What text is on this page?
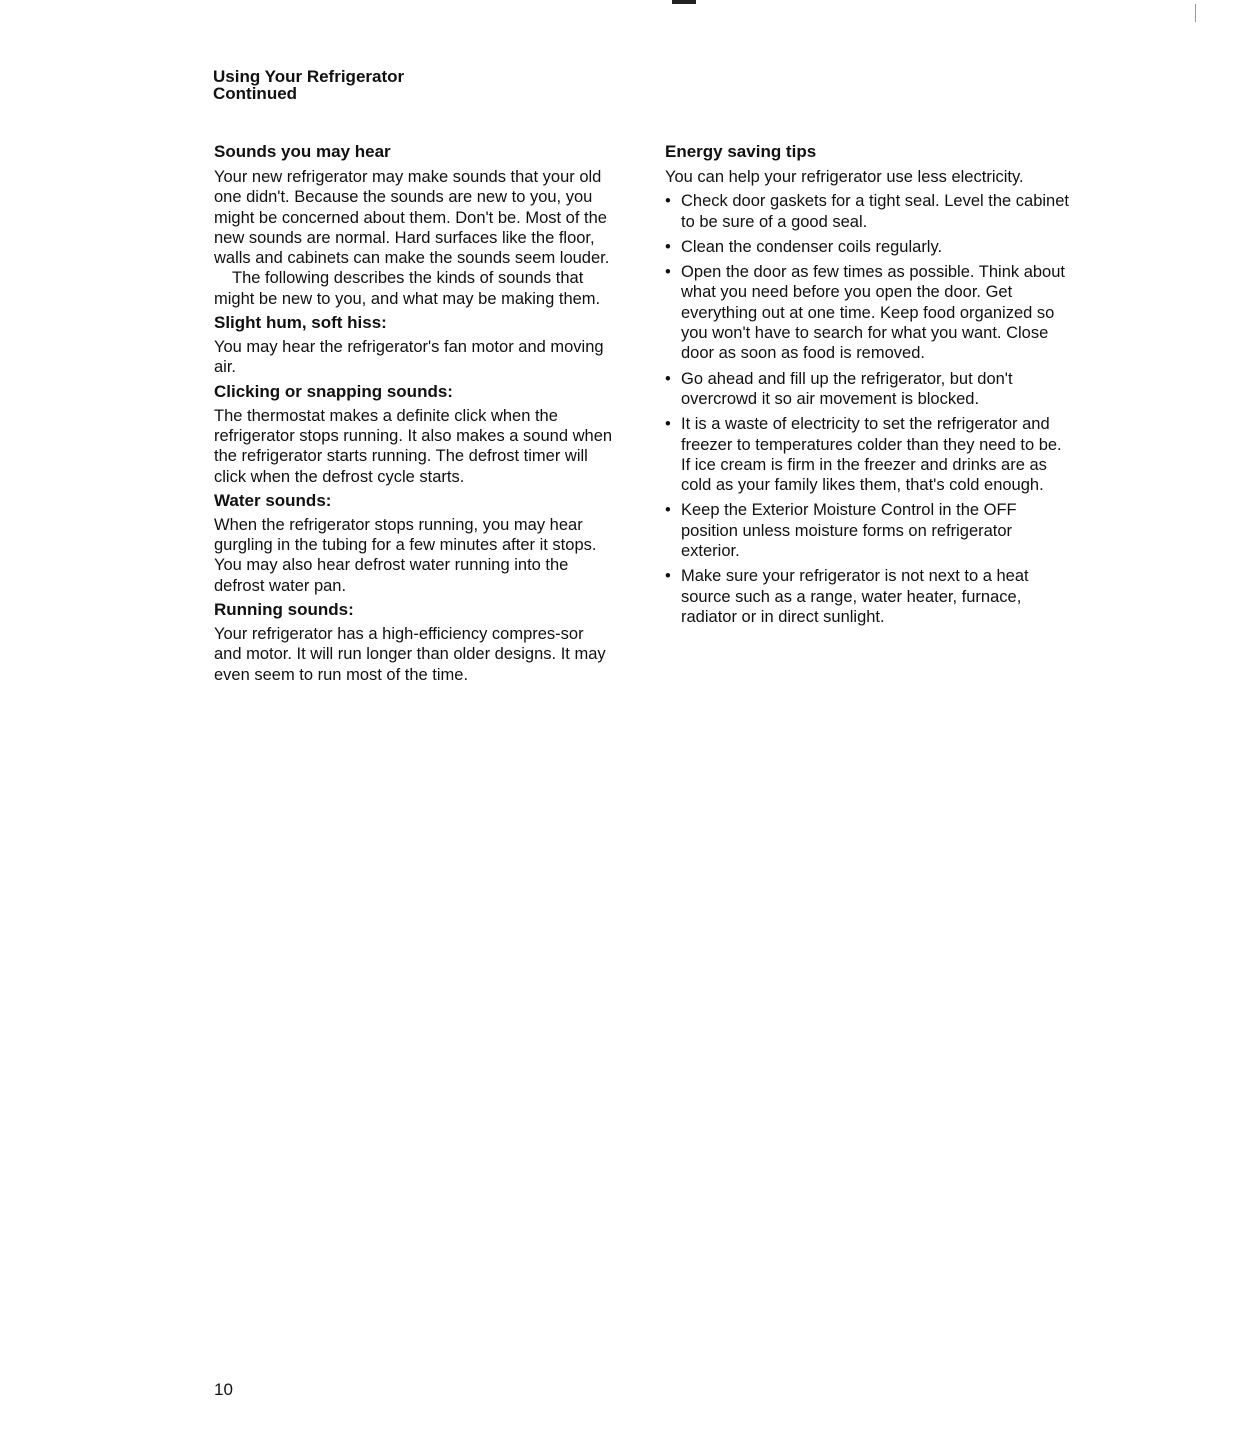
Using Your Refrigerator
Continued
Sounds you may hear

Your new refrigerator may make sounds that your old one didn't. Because the sounds are new to you, you might be concerned about them. Don't be. Most of the new sounds are normal. Hard surfaces like the floor, walls and cabinets can make the sounds seem louder.

The following describes the kinds of sounds that might be new to you, and what may be making them.

Slight hum, soft hiss:

You may hear the refrigerator's fan motor and moving air.

Clicking or snapping sounds:

The thermostat makes a definite click when the refrigerator stops running. It also makes a sound when the refrigerator starts running. The defrost timer will click when the defrost cycle starts.

Water sounds:

When the refrigerator stops running, you may hear gurgling in the tubing for a few minutes after it stops. You may also hear defrost water running into the defrost water pan.

Running sounds:

Your refrigerator has a high-efficiency compres-sor and motor. It will run longer than older designs. It may even seem to run most of the time.

Energy saving tips

You can help your refrigerator use less electricity.

• Check door gaskets for a tight seal. Level the cabinet to be sure of a good seal.
• Clean the condenser coils regularly.
• Open the door as few times as possible. Think about what you need before you open the door. Get everything out at one time. Keep food organized so you won't have to search for what you want. Close door as soon as food is removed.
• Go ahead and fill up the refrigerator, but don't overcrowd it so air movement is blocked.
• It is a waste of electricity to set the refrigerator and freezer to temperatures colder than they need to be. If ice cream is firm in the freezer and drinks are as cold as your family likes them, that's cold enough.
• Keep the Exterior Moisture Control in the OFF position unless moisture forms on refrigerator exterior.
• Make sure your refrigerator is not next to a heat source such as a range, water heater, furnace, radiator or in direct sunlight.
10
